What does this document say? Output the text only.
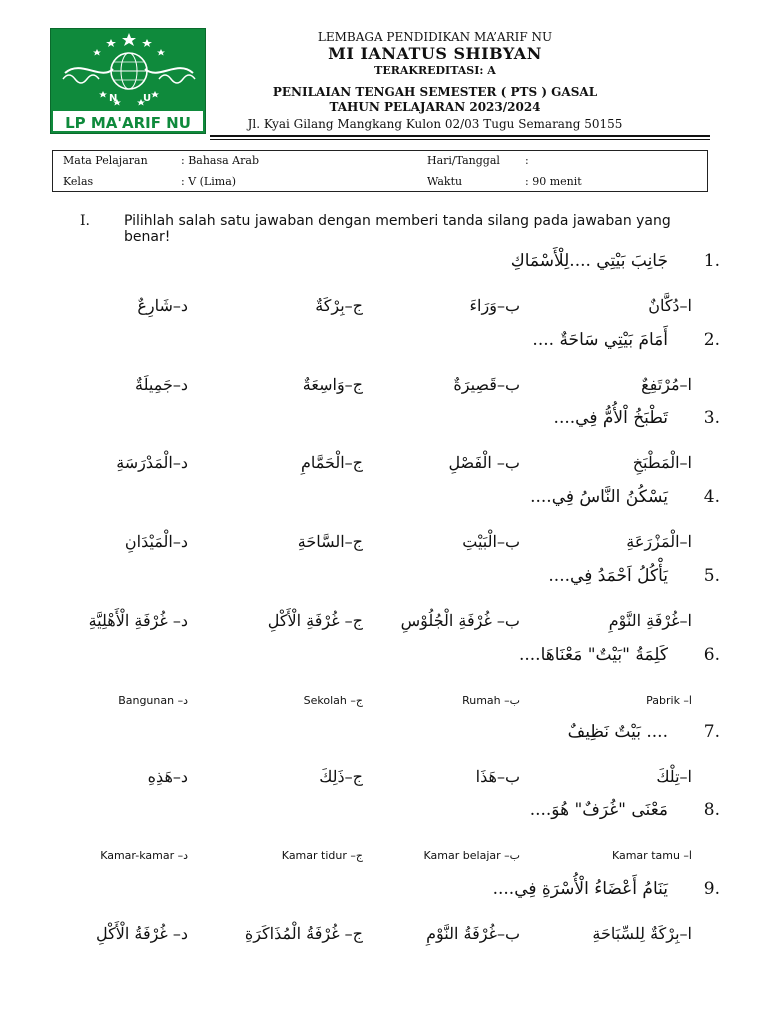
N	U
LP MA'ARIF NU
LEMBAGA PENDIDIKAN MA’ARIF NU
MI IANATUS SHIBYAN
TERAKREDITASI: A
PENILAIAN TENGAH SEMESTER ( PTS ) GASAL
TAHUN PELAJARAN 2023/2024
Jl. Kyai Gilang Mangkang Kulon 02/03 Tugu Semarang 50155
Mata Pelajaran	: Bahasa Arab	Hari/Tanggal :
Kelas	: V (Lima)	Waktu	: 90 menit
I. Pilihlah salah satu jawaban dengan memberi tanda silang pada jawaban yang benar!
1.جَانِبَ بَيْتِي ....لِلْأَسْمَاكِ
ا–دُكَّانٌ
ب–وَرَاءَ
ج–بِرْكَةٌ
د–شَارِعٌ
2.أَمَامَ بَيْتِي سَاحَةٌ ....
ا–مُرْتَفِعٌ
ب–قَصِيرَةٌ
ج–وَاسِعَةٌ
د–جَمِيلَةٌ
3.تَطْبَخُ اْلأُمُّ فِي....
ا–الْمَطْبَخِ
ب– الْفَصْلِ
ج–الْحَمَّامِ
د–الْمَدْرَسَةِ
4.يَسْكُنُ النَّاسُ فِي....
ا–الْمَزْرَعَةِ
ب–الْبَيْتِ
ج–السَّاحَةِ
د–الْمَيْدَانِ
5.يَأْكُلُ اَحْمَدُ فِي....
ا–غُرْفَةِ النَّوْمِ
ب– غُرْفَةِ الْجُلُوْسِ
ج– غُرْفَةِ الْأَكْلِ
د– غُرْفَةِ الْأَهْلِيَّةِ
6.كَلِمَةُ "بَيْتٌ" مَعْنَاهَا....
ا– Pabrik
ب– Rumah
ج– Sekolah
د– Bangunan
7..... بَيْتٌ نَظِيفٌ
ا–تِلْكَ
ب–هَذَا
ج–ذَلِكَ
د–هَذِهِ
8.مَعْنَى "غُرَفٌ" هُوَ....
ا– Kamar tamu
ب– Kamar belajar
ج– Kamar tidur
د– Kamar-kamar
9.يَنَامُ أَعْضَاءُ الْأُسْرَةِ فِي....
ا–بِرْكَةٌ لِلسِّبَاحَةِ
ب–غُرْفَةُ النَّوْمِ
ج– غُرْفَةُ الْمُذَاكَرَةِ
د– غُرْفَةُ الْأَكْلِ
